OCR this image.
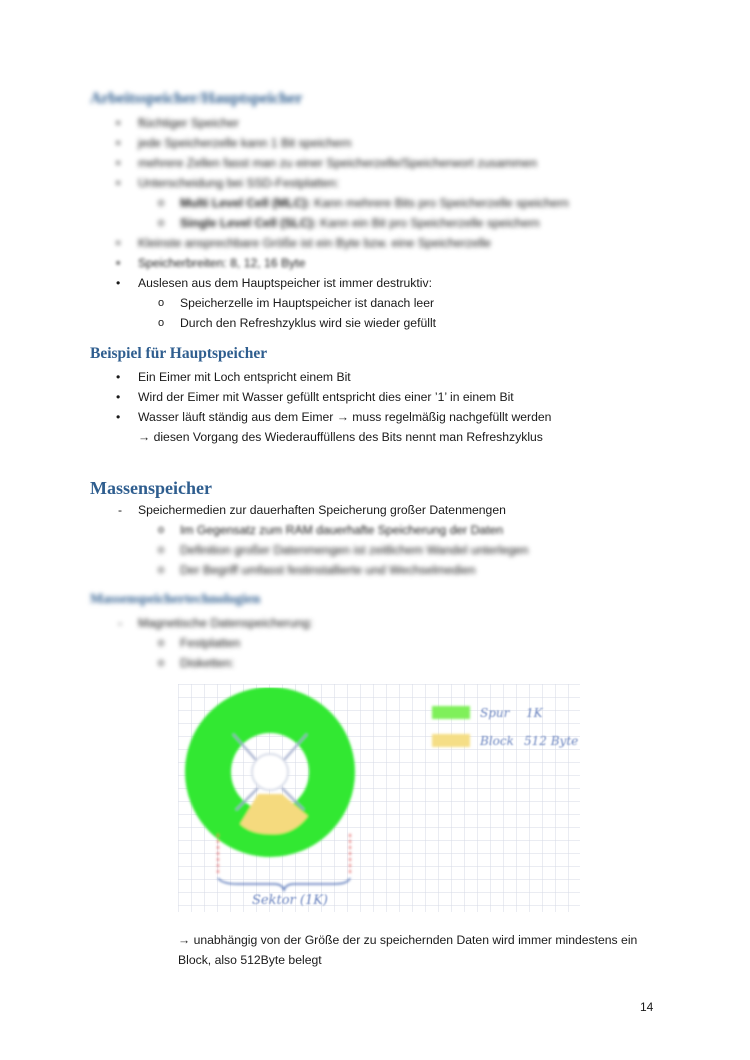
Arbeitsspeicher/Hauptspeicher
• flüchtiger Speicher
• jede Speicherzelle kann 1 Bit speichern
• mehrere Zellen fasst man zu einer Speicherzelle/Speicherwort zusammen
• Unterscheidung bei SSD-Festplatten:
o Multi Level Cell (MLC): Kann mehrere Bits pro Speicherzelle speichern
o Single Level Cell (SLC): Kann ein Bit pro Speicherzelle speichern
• Kleinste ansprechbare Größe ist ein Byte bzw. eine Speicherzelle
• Speicherbreiten: 8, 12, 16 Byte
• Auslesen aus dem Hauptspeicher ist immer destruktiv:
o Speicherzelle im Hauptspeicher ist danach leer
o Durch den Refreshzyklus wird sie wieder gefüllt
Beispiel für Hauptspeicher
• Ein Eimer mit Loch entspricht einem Bit
• Wird der Eimer mit Wasser gefüllt entspricht dies einer ’1’ in einem Bit
• Wasser läuft ständig aus dem Eimer → muss regelmäßig nachgefüllt werden
→ diesen Vorgang des Wiederauffüllens des Bits nennt man Refreshzyklus
Massenspeicher
- Speichermedien zur dauerhaften Speicherung großer Datenmengen
o Im Gegensatz zum RAM dauerhafte Speicherung der Daten
o Definition großer Datenmengen ist zeitlichem Wandel unterlegen
o Der Begriff umfasst festinstallierte und Wechselmedien
Massenspeichertechnologien
- Magnetische Datenspeicherung:
o Festplatten
o Disketten:
Spur 1K
Block 512 Byte
Sektor (1K)
→ unabhängig von der Größe der zu speichernden Daten wird immer mindestens ein
Block, also 512Byte belegt
14
